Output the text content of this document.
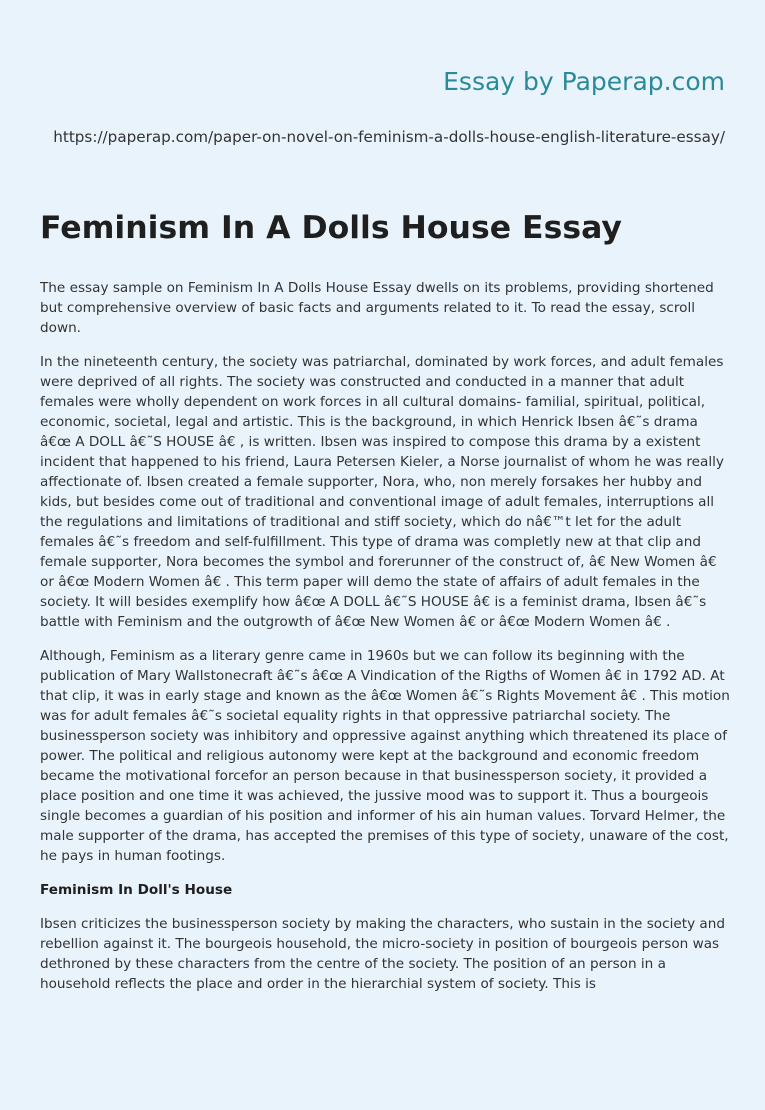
Essay by Paperap.com
https://paperap.com/paper-on-novel-on-feminism-a-dolls-house-english-literature-essay/
Feminism In A Dolls House Essay

The essay sample on Feminism In A Dolls House Essay dwells on its problems, providing shortened but comprehensive overview of basic facts and arguments related to it. To read the essay, scroll down.

In the nineteenth century, the society was patriarchal, dominated by work forces, and adult females were deprived of all rights. The society was constructed and conducted in a manner that adult females were wholly dependent on work forces in all cultural domains- familial, spiritual, political, economic, societal, legal and artistic. This is the background, in which Henrick Ibsen â€˜s drama â€œ A DOLL â€˜S HOUSE â€ , is written. Ibsen was inspired to compose this drama by a existent incident that happened to his friend, Laura Petersen Kieler, a Norse journalist of whom he was really affectionate of. Ibsen created a female supporter, Nora, who, non merely forsakes her hubby and kids, but besides come out of traditional and conventional image of adult females, interruptions all the regulations and limitations of traditional and stiff society, which do nâ€™t let for the adult females â€˜s freedom and self-fulfillment. This type of drama was completly new at that clip and female supporter, Nora becomes the symbol and forerunner of the construct of, â€ New Women â€ or â€œ Modern Women â€ . This term paper will demo the state of affairs of adult females in the society. It will besides exemplify how â€œ A DOLL â€˜S HOUSE â€ is a feminist drama, Ibsen â€˜s battle with Feminism and the outgrowth of â€œ New Women â€ or â€œ Modern Women â€ .

Although, Feminism as a literary genre came in 1960s but we can follow its beginning with the publication of Mary Wallstonecraft â€˜s â€œ A Vindication of the Rigths of Women â€ in 1792 AD. At that clip, it was in early stage and known as the â€œ Women â€˜s Rights Movement â€ . This motion was for adult females â€˜s societal equality rights in that oppressive patriarchal society. The businessperson society was inhibitory and oppressive against anything which threatened its place of power. The political and religious autonomy were kept at the background and economic freedom became the motivational forcefor an person because in that businessperson society, it provided a place position and one time it was achieved, the jussive mood was to support it. Thus a bourgeois single becomes a guardian of his position and informer of his ain human values. Torvard Helmer, the male supporter of the drama, has accepted the premises of this type of society, unaware of the cost, he pays in human footings.

Feminism In Doll's House

Ibsen criticizes the businessperson society by making the characters, who sustain in the society and rebellion against it. The bourgeois household, the micro-society in position of bourgeois person was dethroned by these characters from the centre of the society. The position of an person in a household reflects the place and order in the hierarchial system of society. This is
